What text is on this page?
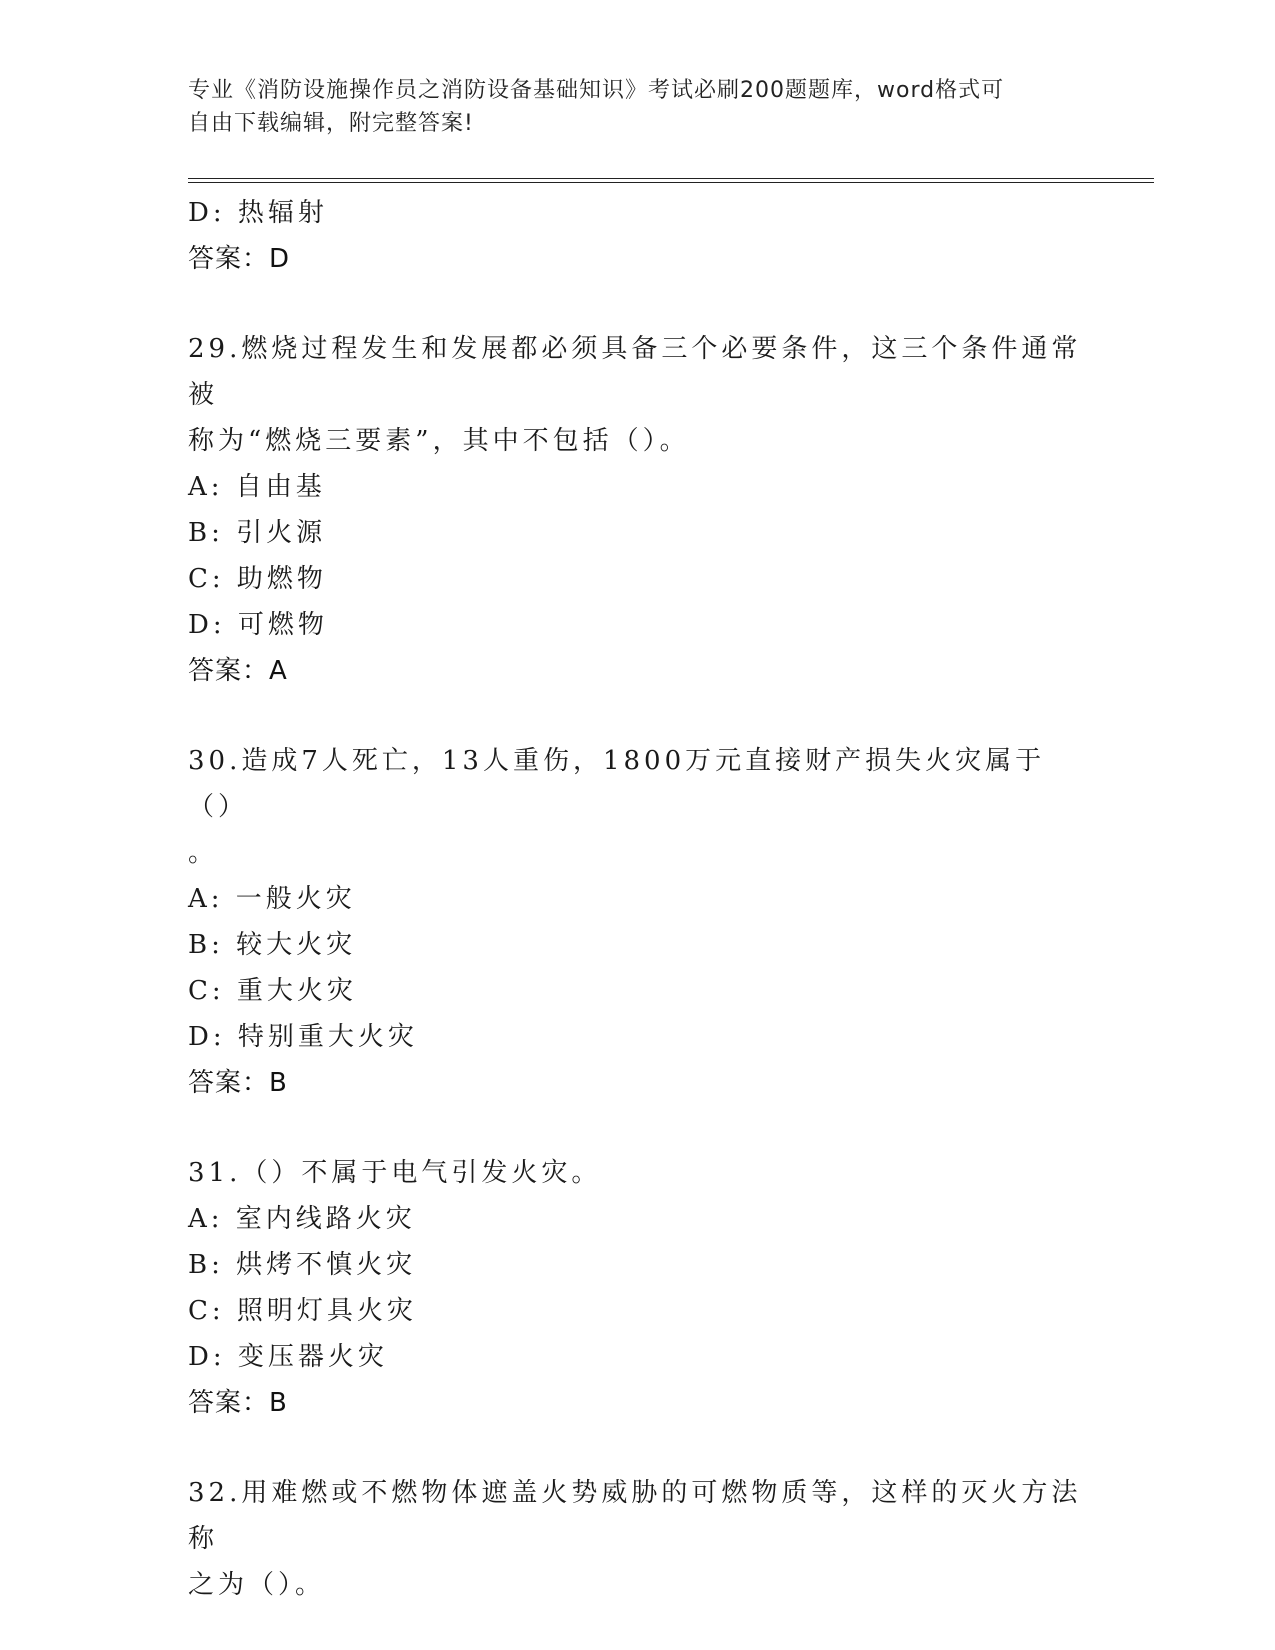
专业《消防设施操作员之消防设备基础知识》考试必刷200题题库，word格式可
自由下载编辑，附完整答案!
D: 热辐射
答案：D
29.燃烧过程发生和发展都必须具备三个必要条件，这三个条件通常被
称为“燃烧三要素”，其中不包括（）。
A: 自由基
B: 引火源
C: 助燃物
D: 可燃物
答案：A
30.造成7人死亡，13人重伤，1800万元直接财产损失火灾属于（）
。
A: 一般火灾
B: 较大火灾
C: 重大火灾
D: 特别重大火灾
答案：B
31.（）不属于电气引发火灾。
A: 室内线路火灾
B: 烘烤不慎火灾
C: 照明灯具火灾
D: 变压器火灾
答案：B
32.用难燃或不燃物体遮盖火势威胁的可燃物质等，这样的灭火方法称
之为（）。
